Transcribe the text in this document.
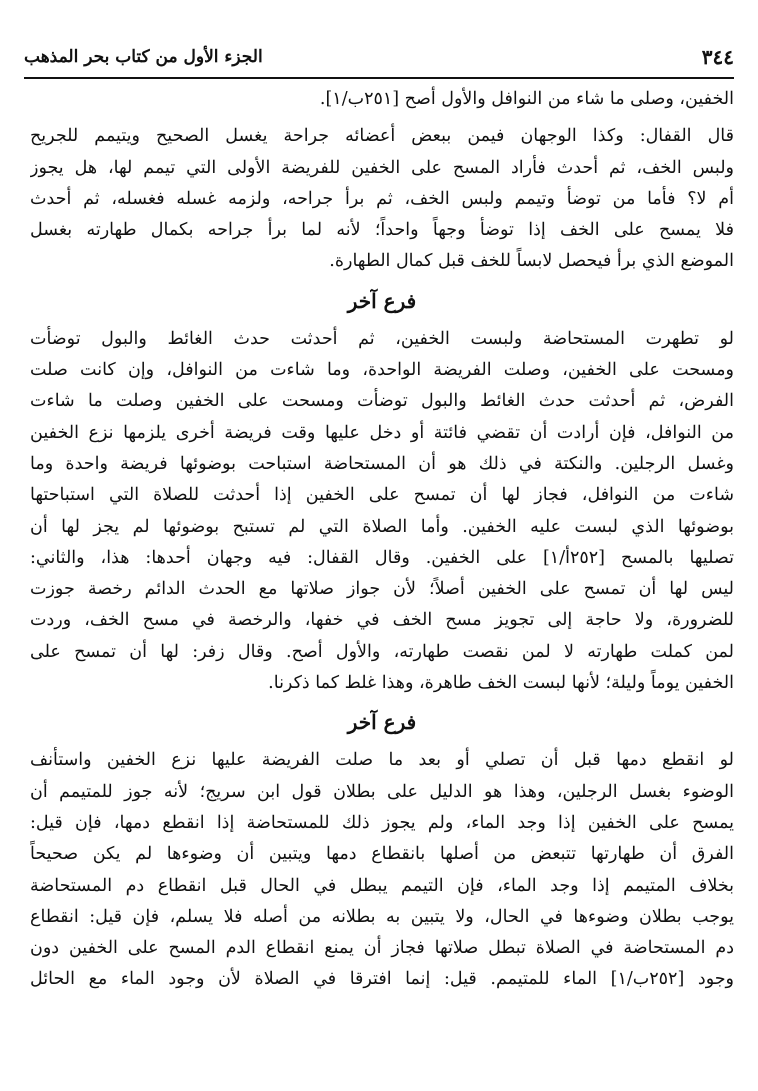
الجزء الأول من كتاب بحر المذهب	٣٤٤
الخفين، وصلى ما شاء من النوافل والأول أصح [٢٥١ب/١].
قال القفال: وكذا الوجهان فيمن ببعض أعضائه جراحة يغسل الصحيح ويتيمم للجريح
ولبس الخف، ثم أحدث فأراد المسح على الخفين للفريضة الأولى التي تيمم لها، هل يجوز
أم لا؟ فأما من توضأ وتيمم ولبس الخف، ثم برأ جراحه، ولزمه غسله فغسله، ثم أحدث
فلا يمسح على الخف إذا توضأ وجهاً واحداً؛ لأنه لما برأ جراحه بكمال طهارته بغسل
الموضع الذي برأ فيحصل لابساً للخف قبل كمال الطهارة.
فرع آخر
لو تطهرت المستحاضة ولبست الخفين، ثم أحدثت حدث الغائط والبول توضأت
ومسحت على الخفين، وصلت الفريضة الواحدة، وما شاءت من النوافل، وإن كانت صلت
الفرض، ثم أحدثت حدث الغائط والبول توضأت ومسحت على الخفين وصلت ما شاءت
من النوافل، فإن أرادت أن تقضي فائتة أو دخل عليها وقت فريضة أخرى يلزمها نزع الخفين
وغسل الرجلين. والنكتة في ذلك هو أن المستحاضة استباحت بوضوئها فريضة واحدة وما
شاءت من النوافل، فجاز لها أن تمسح على الخفين إذا أحدثت للصلاة التي استباحتها
بوضوئها الذي لبست عليه الخفين. وأما الصلاة التي لم تستبح بوضوئها لم يجز لها أن
تصليها بالمسح [٢٥٢أ/١] على الخفين. وقال القفال: فيه وجهان أحدها: هذا، والثاني:
ليس لها أن تمسح على الخفين أصلاً؛ لأن جواز صلاتها مع الحدث الدائم رخصة جوزت
للضرورة، ولا حاجة إلى تجويز مسح الخف في خفها، والرخصة في مسح الخف، وردت
لمن كملت طهارته لا لمن نقصت طهارته، والأول أصح. وقال زفر: لها أن تمسح على
الخفين يوماً وليلة؛ لأنها لبست الخف طاهرة، وهذا غلط كما ذكرنا.
فرع آخر
لو انقطع دمها قبل أن تصلي أو بعد ما صلت الفريضة عليها نزع الخفين واستأنف
الوضوء بغسل الرجلين، وهذا هو الدليل على بطلان قول ابن سريج؛ لأنه جوز للمتيمم أن
يمسح على الخفين إذا وجد الماء، ولم يجوز ذلك للمستحاضة إذا انقطع دمها، فإن قيل:
الفرق أن طهارتها تتبعض من أصلها بانقطاع دمها ويتبين أن وضوءها لم يكن صحيحاً
بخلاف المتيمم إذا وجد الماء، فإن التيمم يبطل في الحال قبل انقطاع دم المستحاضة
يوجب بطلان وضوءها في الحال، ولا يتبين به بطلانه من أصله فلا يسلم، فإن قيل: انقطاع
دم المستحاضة في الصلاة تبطل صلاتها فجاز أن يمنع انقطاع الدم المسح على الخفين دون
وجود [٢٥٢ب/١] الماء للمتيمم. قيل: إنما افترقا في الصلاة لأن وجود الماء مع الحائل
